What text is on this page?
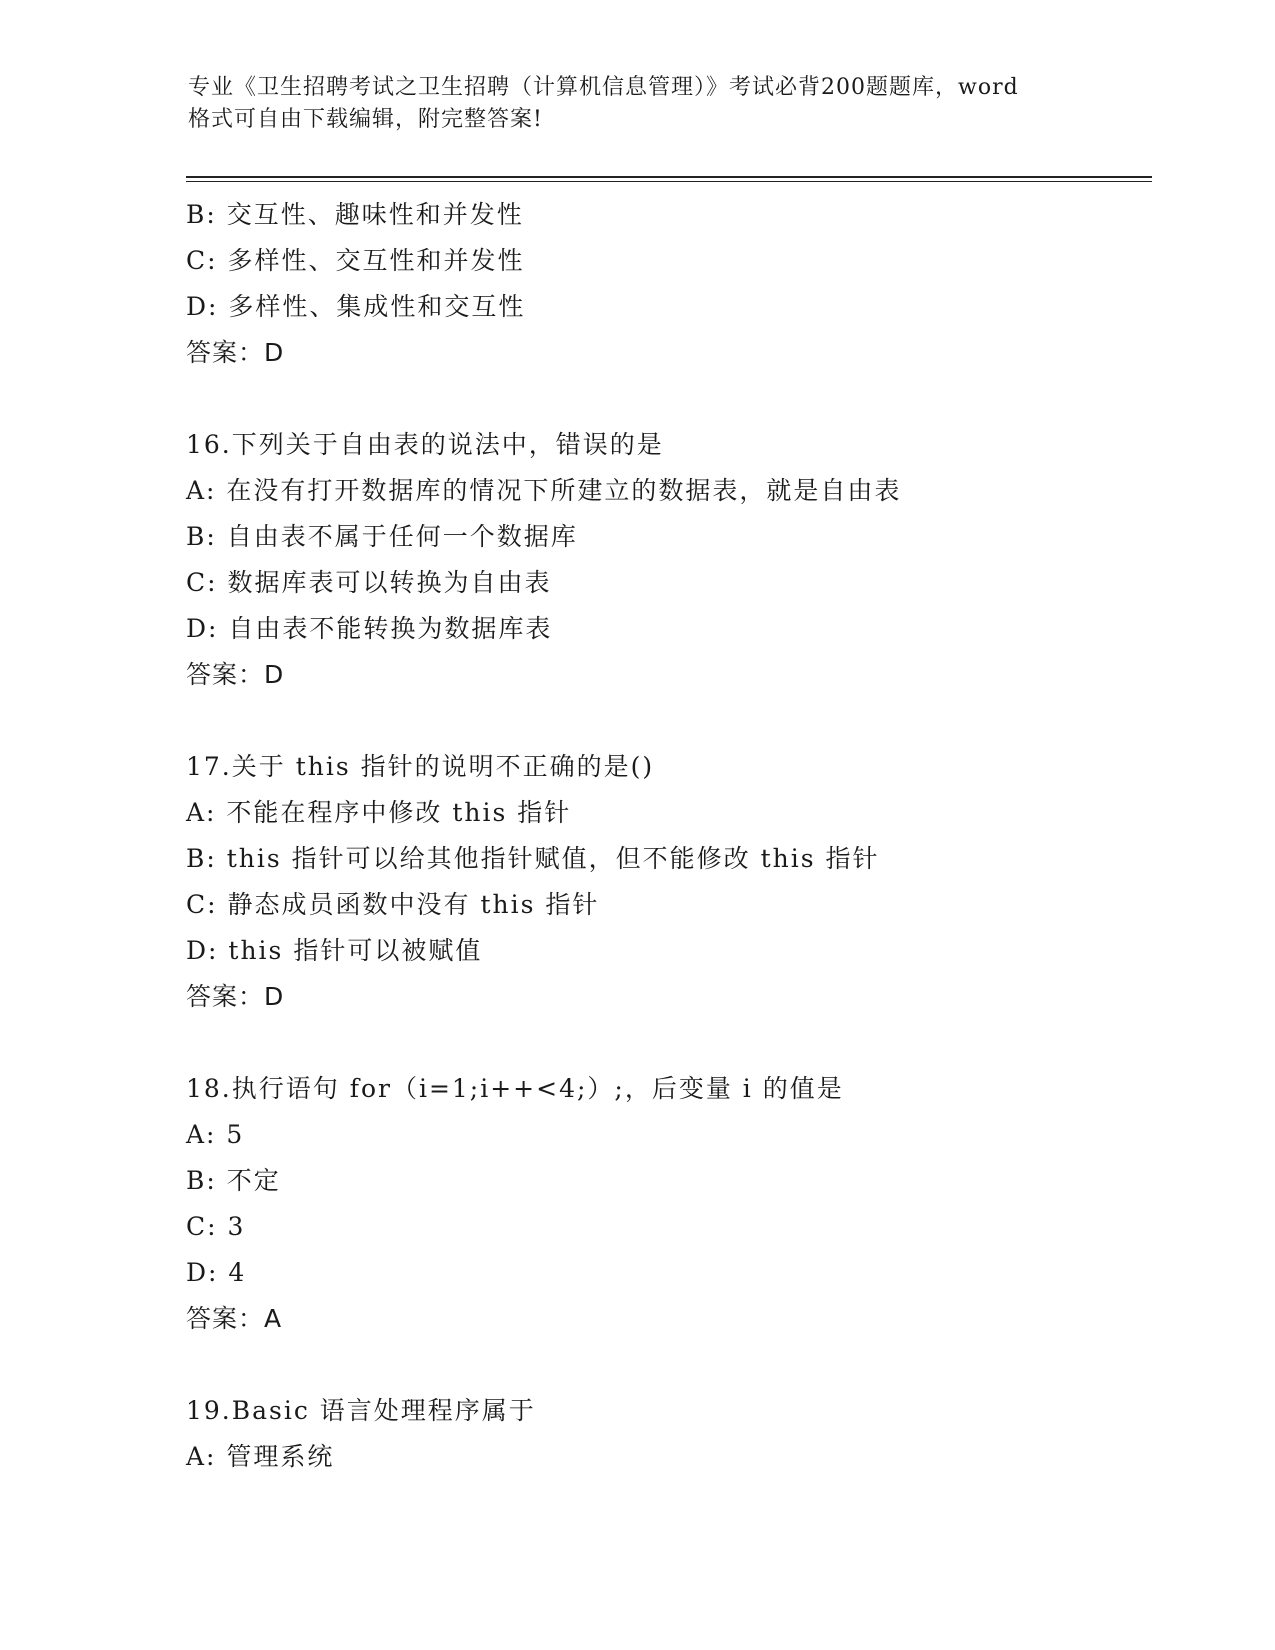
专业《卫生招聘考试之卫生招聘（计算机信息管理）》考试必背200题题库，word
格式可自由下载编辑，附完整答案!
B: 交互性、趣味性和并发性
C: 多样性、交互性和并发性
D: 多样性、集成性和交互性
答案：D
16.下列关于自由表的说法中，错误的是
A: 在没有打开数据库的情况下所建立的数据表，就是自由表
B: 自由表不属于任何一个数据库
C: 数据库表可以转换为自由表
D: 自由表不能转换为数据库表
答案：D
17.关于 this 指针的说明不正确的是()
A: 不能在程序中修改 this 指针
B: this 指针可以给其他指针赋值，但不能修改 this 指针
C: 静态成员函数中没有 this 指针
D: this 指针可以被赋值
答案：D
18.执行语句 for（i=1;i++<4;）;，后变量 i 的值是
A: 5
B: 不定
C: 3
D: 4
答案：A
19.Basic 语言处理程序属于
A: 管理系统
